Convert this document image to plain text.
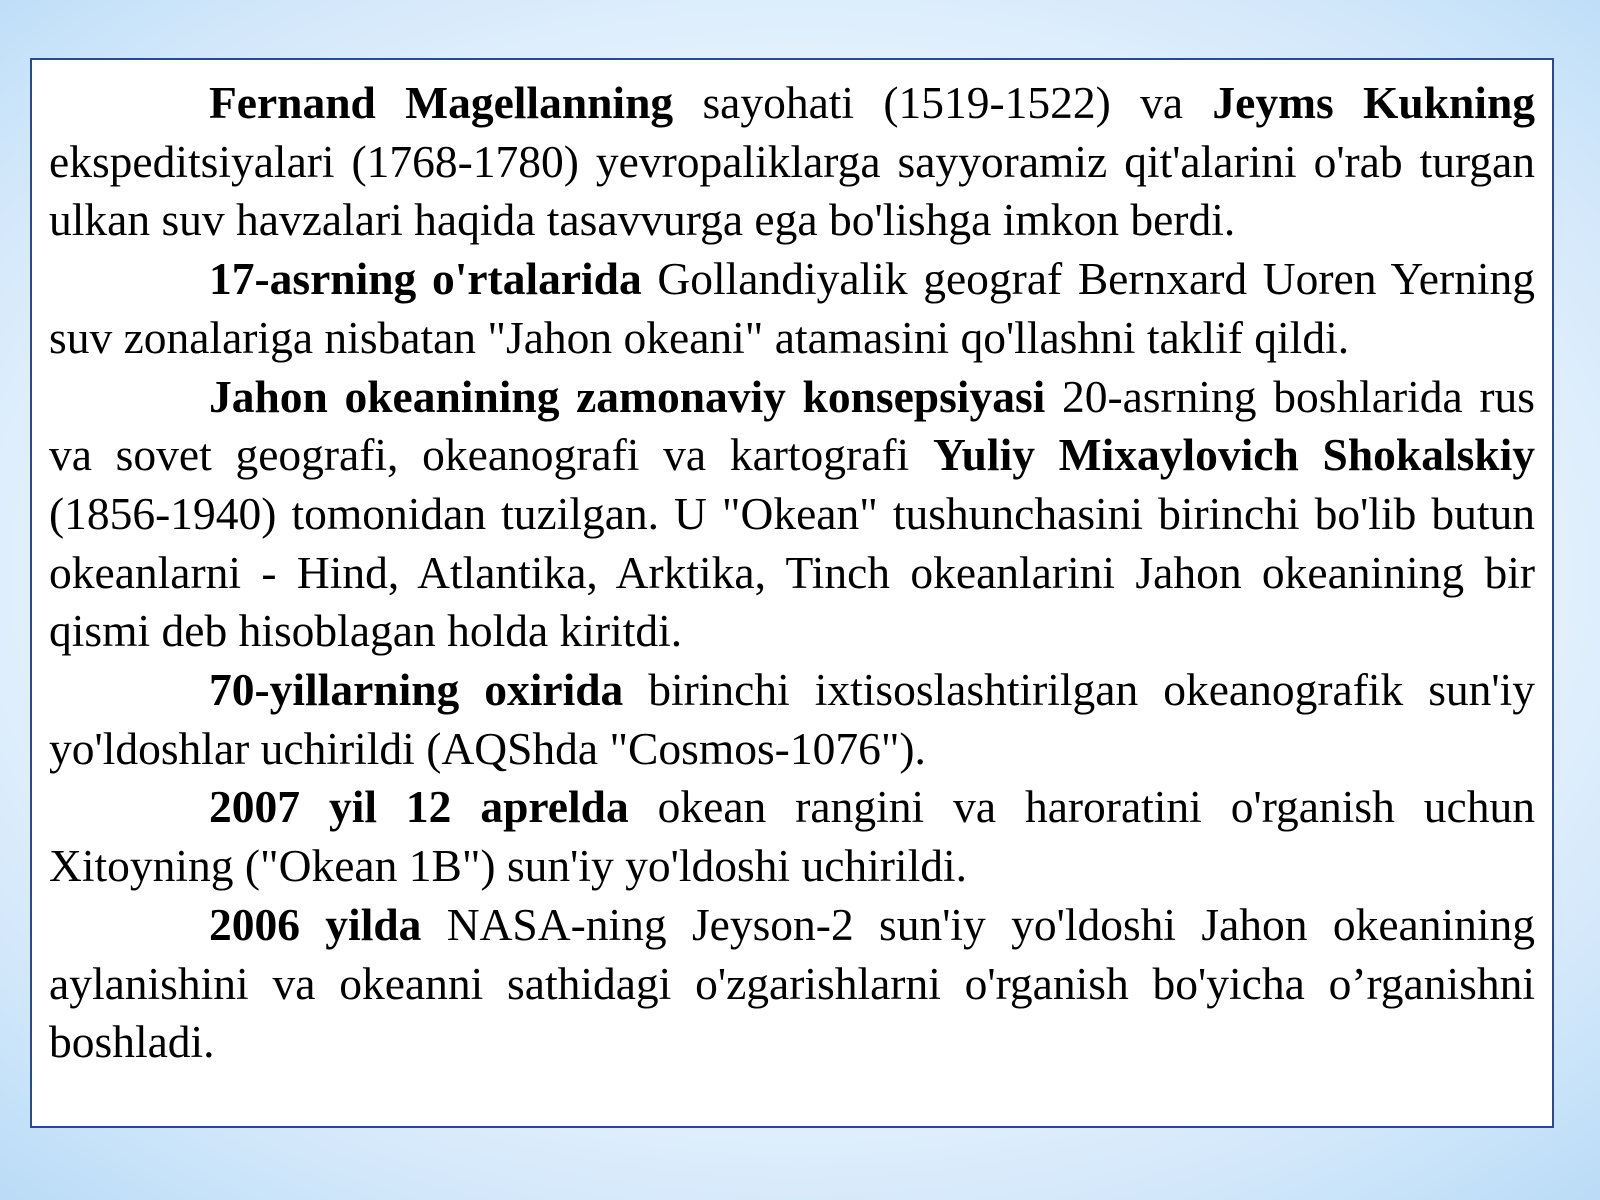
Fernand Magellanning sayohati (1519-1522) va Jeyms Kukning ekspeditsiyalari (1768-1780) yevropaliklarga sayyoramiz qit'alarini o'rab turgan ulkan suv havzalari haqida tasavvurga ega bo'lishga imkon berdi.

17-asrning o'rtalarida Gollandiyalik geograf Bernxard Uoren Yerning suv zonalariga nisbatan "Jahon okeani" atamasini qo'llashni taklif qildi.

Jahon okeanining zamonaviy konsepsiyasi 20-asrning boshlarida rus va sovet geografi, okeanografi va kartografi Yuliy Mixaylovich Shokalskiy (1856-1940) tomonidan tuzilgan. U "Okean" tushunchasini birinchi bo'lib butun okeanlarni - Hind, Atlantika, Arktika, Tinch okeanlarini Jahon okeanining bir qismi deb hisoblagan holda kiritdi.

70-yillarning oxirida birinchi ixtisoslashtirilgan okeanografik sun'iy yo'ldoshlar uchirildi (AQShda "Cosmos-1076").

2007 yil 12 aprelda okean rangini va haroratini o'rganish uchun Xitoyning ("Okean 1B") sun'iy yo'ldoshi uchirildi.

2006 yilda NASA-ning Jeyson-2 sun'iy yo'ldoshi Jahon okeanining aylanishini va okeanni sathidagi o'zgarishlarni o'rganish bo'yicha o’rganishni boshladi.
